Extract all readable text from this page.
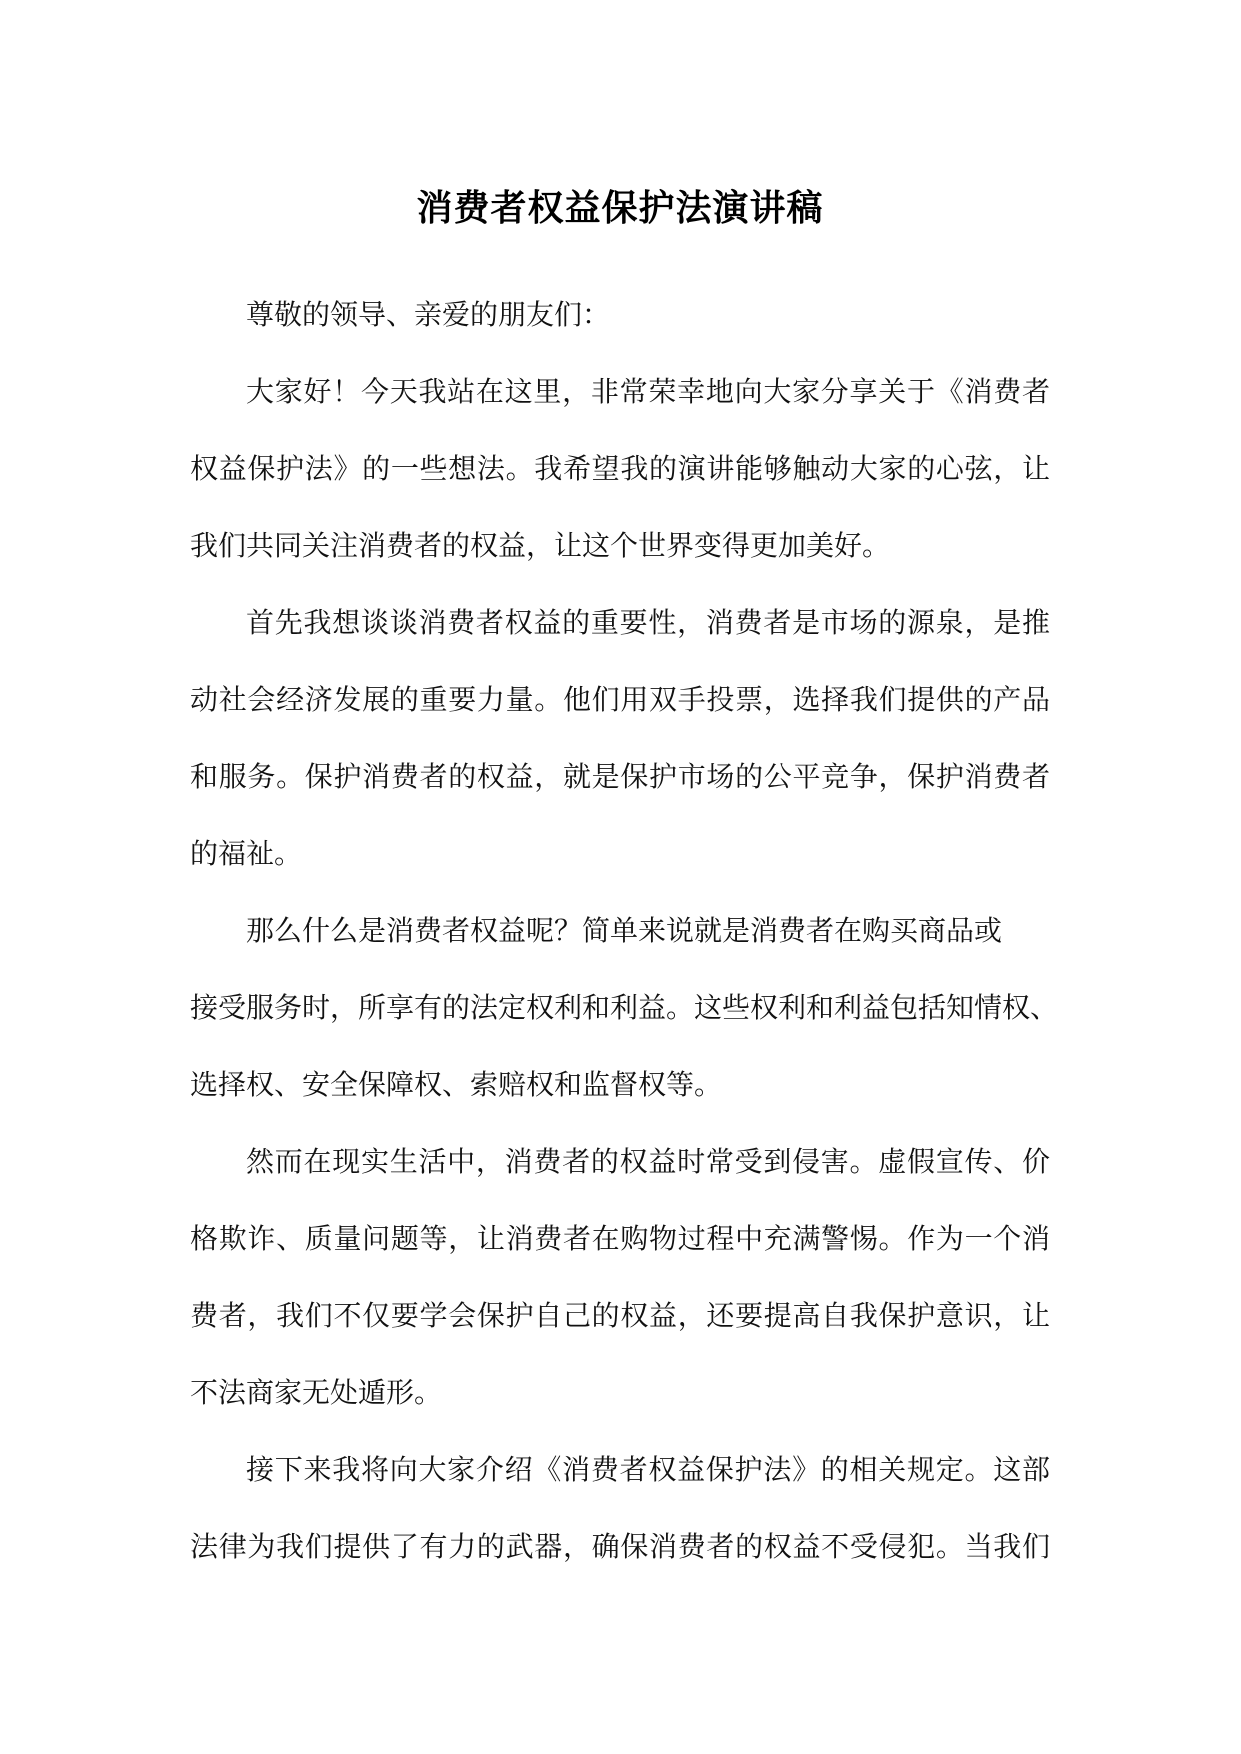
消费者权益保护法演讲稿

尊敬的领导、亲爱的朋友们：

大家好！今天我站在这里，非常荣幸地向大家分享关于《消费者
权益保护法》的一些想法。我希望我的演讲能够触动大家的心弦，让
我们共同关注消费者的权益，让这个世界变得更加美好。

首先我想谈谈消费者权益的重要性，消费者是市场的源泉，是推
动社会经济发展的重要力量。他们用双手投票，选择我们提供的产品
和服务。保护消费者的权益，就是保护市场的公平竞争，保护消费者
的福祉。

那么什么是消费者权益呢？简单来说就是消费者在购买商品或
接受服务时，所享有的法定权利和利益。这些权利和利益包括知情权、
选择权、安全保障权、索赔权和监督权等。

然而在现实生活中，消费者的权益时常受到侵害。虚假宣传、价
格欺诈、质量问题等，让消费者在购物过程中充满警惕。作为一个消
费者，我们不仅要学会保护自己的权益，还要提高自我保护意识，让
不法商家无处遁形。

接下来我将向大家介绍《消费者权益保护法》的相关规定。这部
法律为我们提供了有力的武器，确保消费者的权益不受侵犯。当我们
